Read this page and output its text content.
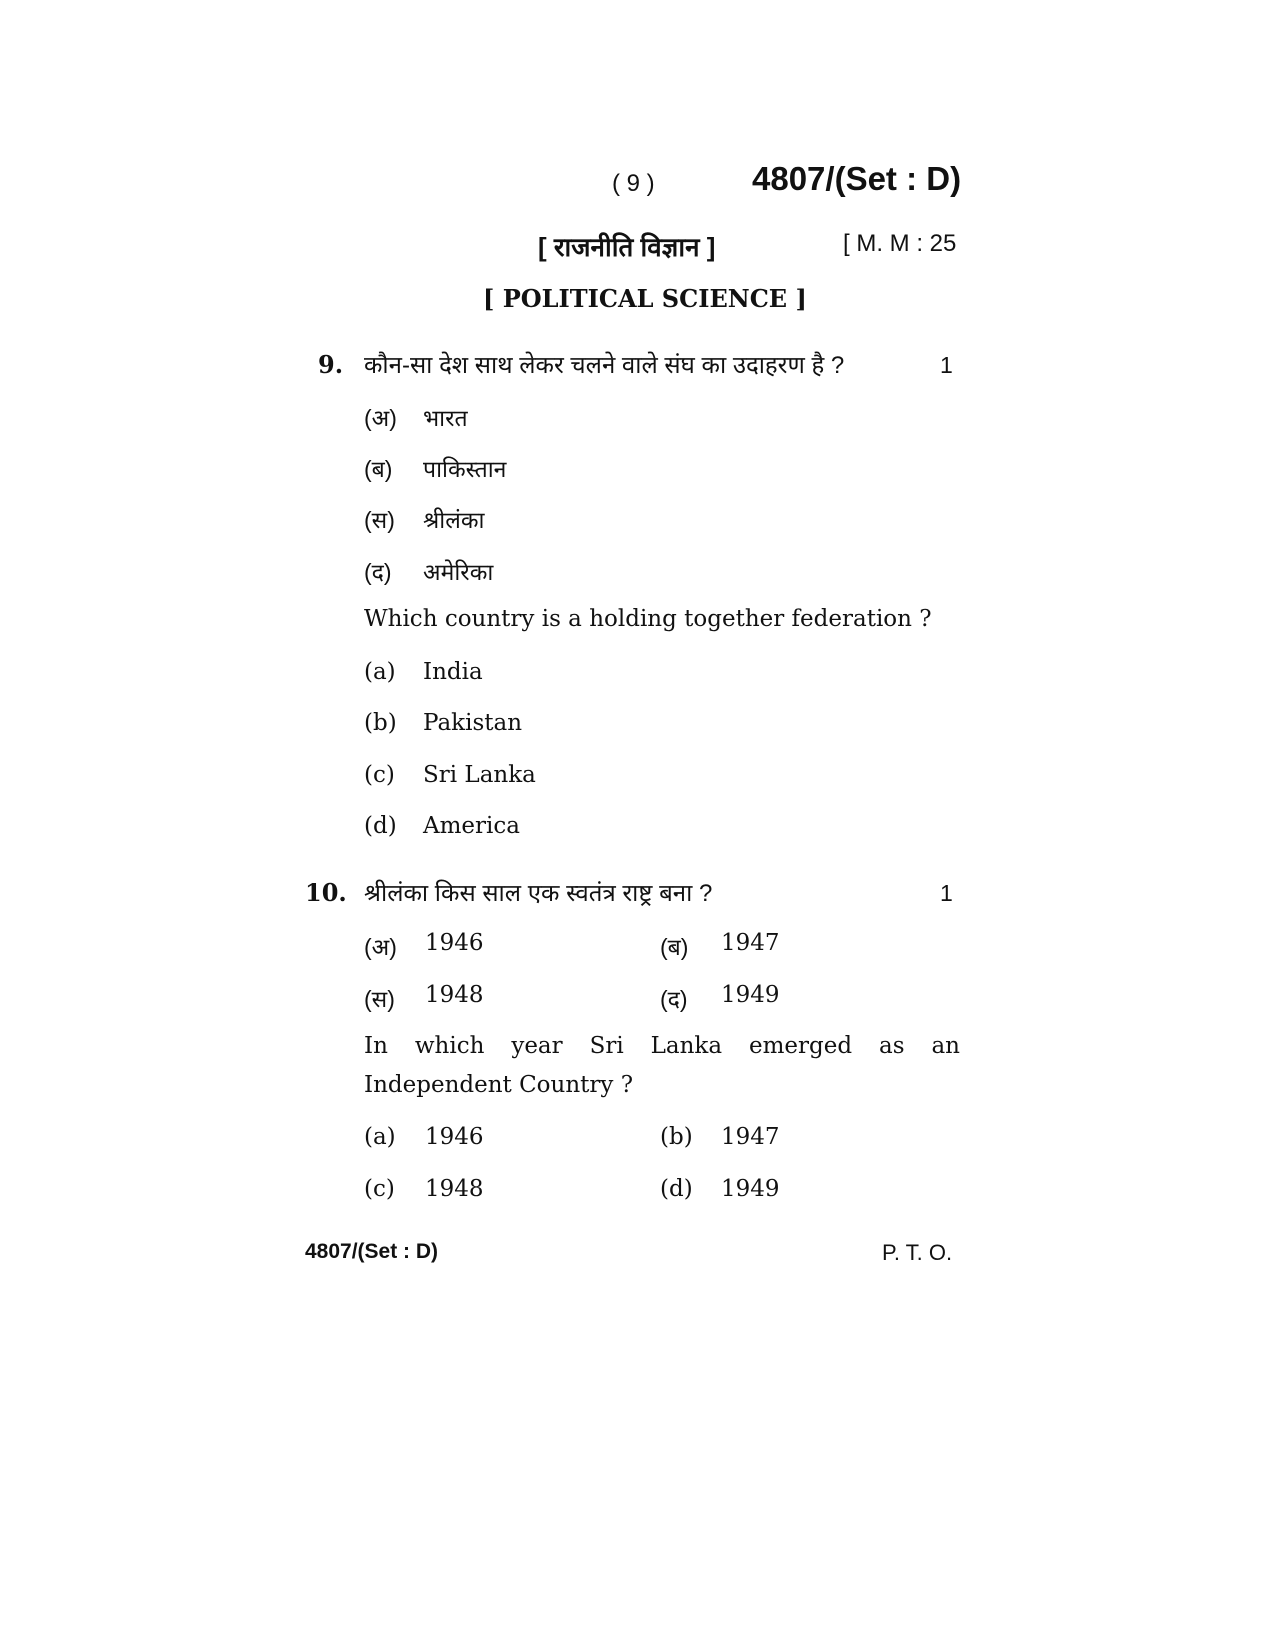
( 9 )	4807/(Set : D)
[ राजनीति विज्ञान ]	[ M. M : 25
[ POLITICAL SCIENCE ]
9. कौन-सा देश साथ लेकर चलने वाले संघ का उदाहरण है ?	1
(अ) भारत
(ब) पाकिस्तान
(स) श्रीलंका
(द) अमेरिका
Which country is a holding together federation ?
(a) India
(b) Pakistan
(c) Sri Lanka
(d) America
10. श्रीलंका किस साल एक स्वतंत्र राष्ट्र बना ?	1
(अ) 1946	(ब) 1947
(स) 1948	(द) 1949
In which year Sri Lanka emerged as an Independent Country ?
(a) 1946	(b) 1947
(c) 1948	(d) 1949
4807/(Set : D)	P. T. O.
